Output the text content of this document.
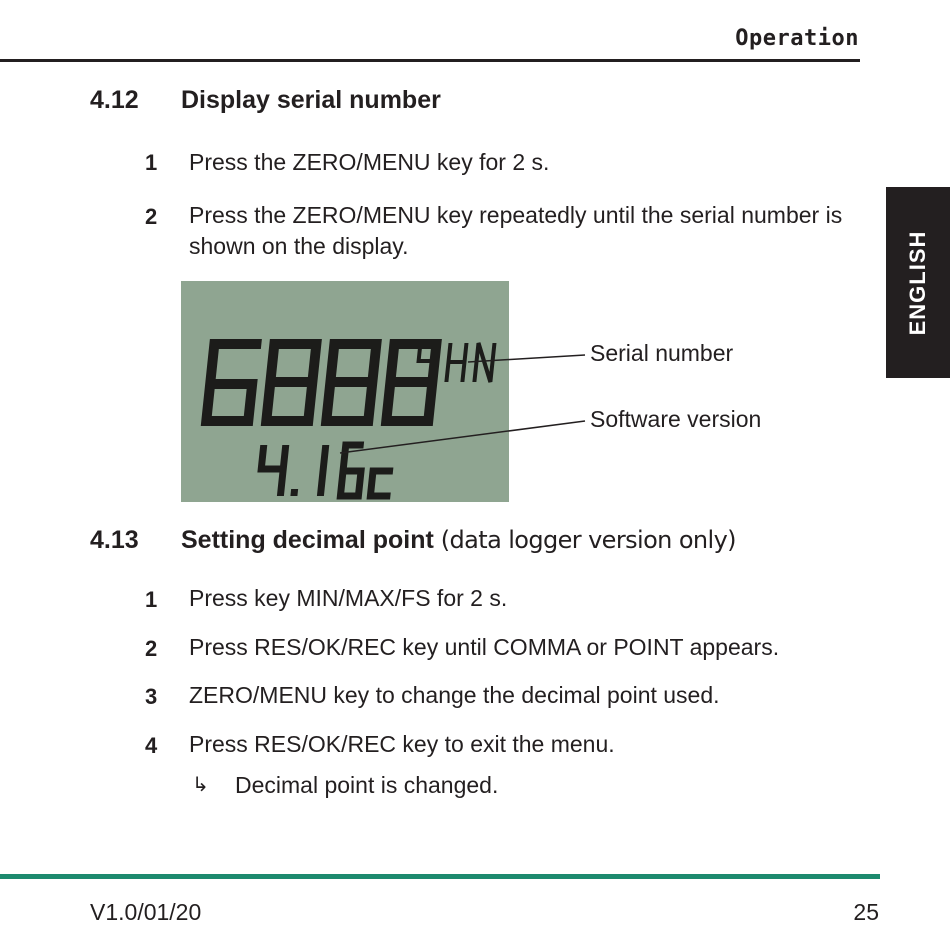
Operation
ENGLISH
4.12 Display serial number
1 Press the ZERO/MENU key for 2 s.
2 Press the ZERO/MENU key repeatedly until the serial number is shown on the display.
Serial number
Software version
4.13 Setting decimal point (data logger version only)
1 Press key MIN/MAX/FS for 2 s.
2 Press RES/OK/REC key until COMMA or POINT appears.
3 ZERO/MENU key to change the decimal point used.
4 Press RES/OK/REC key to exit the menu.
↳ Decimal point is changed.
V1.0/01/20	25
